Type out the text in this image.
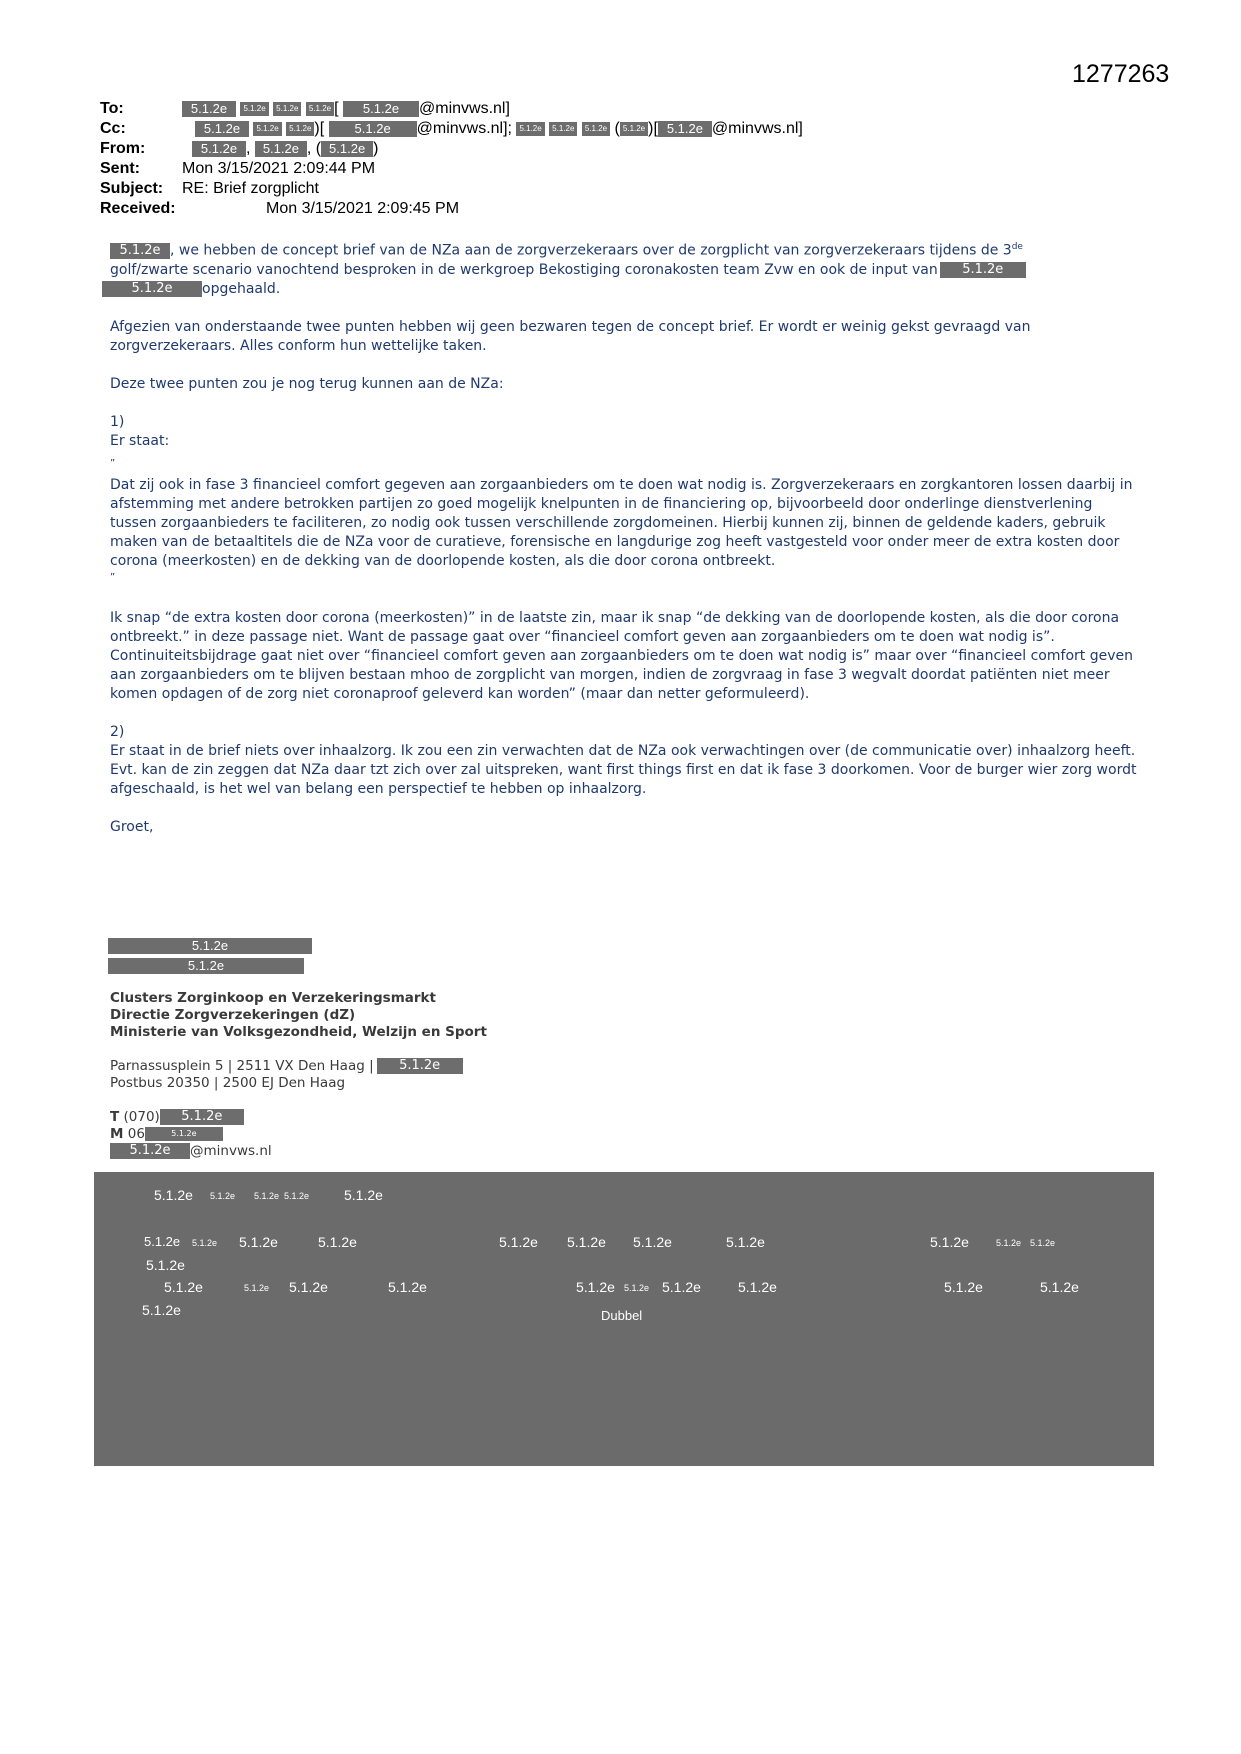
1277263
To:	5.1.2e 5.1.2e 5.1.2e 5.1.2e [ 5.1.2e @minvws.nl]
Cc:	5.1.2e 5.1.2e 5.1.2e )[ 5.1.2e @minvws.nl]; 5.1.2e 5.1.2e 5.1.2e ( 5.1.2e )[ 5.1.2e @minvws.nl]
From:	5.1.2e , 5.1.2e , ( 5.1.2e )
Sent:	Mon 3/15/2021 2:09:44 PM
Subject: RE: Brief zorgplicht
Received:	Mon 3/15/2021 2:09:45 PM

5.1.2e , we hebben de concept brief van de NZa aan de zorgverzekeraars over de zorgplicht van zorgverzekeraars tijdens de 3de
golf/zwarte scenario vanochtend besproken in de werkgroep Bekostiging coronakosten team Zvw en ook de input van 5.1.2e
5.1.2e opgehaald.

Afgezien van onderstaande twee punten hebben wij geen bezwaren tegen de concept brief. Er wordt er weinig gekst gevraagd van zorgverzekeraars. Alles conform hun wettelijke taken.

Deze twee punten zou je nog terug kunnen aan de NZa:

1)

Er staat:

”

Dat zij ook in fase 3 financieel comfort gegeven aan zorgaanbieders om te doen wat nodig is. Zorgverzekeraars en zorgkantoren lossen daarbij in afstemming met andere betrokken partijen zo goed mogelijk knelpunten in de financiering op, bijvoorbeeld door onderlinge dienstverlening tussen zorgaanbieders te faciliteren, zo nodig ook tussen verschillende zorgdomeinen. Hierbij kunnen zij, binnen de geldende kaders, gebruik maken van de betaaltitels die de NZa voor de curatieve, forensische en langdurige zog heeft vastgesteld voor onder meer de extra kosten door corona (meerkosten) en de dekking van de doorlopende kosten, als die door corona ontbreekt.

”

Ik snap “de extra kosten door corona (meerkosten)” in de laatste zin, maar ik snap “de dekking van de doorlopende kosten, als die door corona ontbreekt.” in deze passage niet. Want de passage gaat over “financieel comfort geven aan zorgaanbieders om te doen wat nodig is”. Continuiteitsbijdrage gaat niet over “financieel comfort geven aan zorgaanbieders om te doen wat nodig is” maar over “financieel comfort geven aan zorgaanbieders om te blijven bestaan mhoo de zorgplicht van morgen, indien de zorgvraag in fase 3 wegvalt doordat patiënten niet meer komen opdagen of de zorg niet coronaproof geleverd kan worden” (maar dan netter geformuleerd).

2)

Er staat in de brief niets over inhaalzorg. Ik zou een zin verwachten dat de NZa ook verwachtingen over (de communicatie over) inhaalzorg heeft. Evt. kan de zin zeggen dat NZa daar tzt zich over zal uitspreken, want first things first en dat ik fase 3 doorkomen. Voor de burger wier zorg wordt afgeschaald, is het wel van belang een perspectief te hebben op inhaalzorg.

Groet,

5.1.2e
5.1.2e
Clusters Zorginkoop en Verzekeringsmarkt
Directie Zorgverzekeringen (dZ)
Ministerie van Volksgezondheid, Welzijn en Sport
Parnassusplein 5 | 2511 VX Den Haag | 5.1.2e
Postbus 20350 | 2500 EJ Den Haag
T (070) 5.1.2e
M 06	5.1.2e
5.1.2e @minvws.nl
5.1.2e 5.1.2e 5.1.2e 5.1.2e 5.1.2e
5.1.2e 5.1.2e 5.1.2e	5.1.2e	5.1.2e 5.1.2e 5.1.2e	5.1.2e	5.1.2e	5.1.2e 5.1.2e
5.1.2e
5.1.2e	5.1.2e 5.1.2e	5.1.2e	5.1.2e 5.1.2e 5.1.2e	5.1.2e	5.1.2e	5.1.2e
5.1.2e	Dubbel
